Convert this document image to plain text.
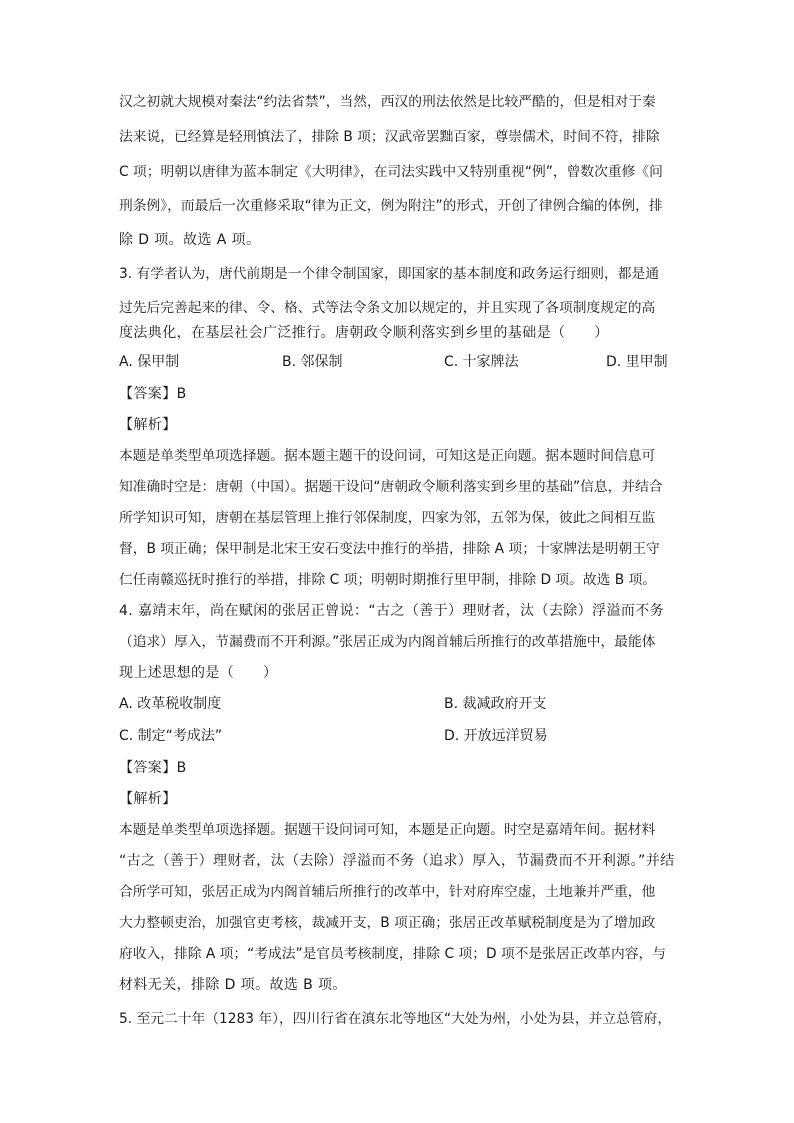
汉之初就大规模对秦法“约法省禁”，当然，西汉的刑法依然是比较严酷的，但是相对于秦
法来说，已经算是轻刑慎法了，排除 B 项；汉武帝罢黜百家，尊崇儒术，时间不符，排除
C 项；明朝以唐律为蓝本制定《大明律》，在司法实践中又特别重视“例”，曾数次重修《问
刑条例》，而最后一次重修采取“律为正文，例为附注”的形式，开创了律例合编的体例，排
除 D 项。故选 A 项。
3. 有学者认为，唐代前期是一个律令制国家，即国家的基本制度和政务运行细则，都是通
过先后完善起来的律、令、格、式等法令条文加以规定的，并且实现了各项制度规定的高
度法典化，在基层社会广泛推行。唐朝政令顺利落实到乡里的基础是（　　）
A. 保甲制	B. 邻保制	C. 十家牌法	D. 里甲制
【答案】B
【解析】
本题是单类型单项选择题。据本题主题干的设问词，可知这是正向题。据本题时间信息可
知准确时空是：唐朝（中国）。据题干设问“唐朝政令顺利落实到乡里的基础”信息，并结合
所学知识可知，唐朝在基层管理上推行邻保制度，四家为邻，五邻为保，彼此之间相互监
督，B 项正确；保甲制是北宋王安石变法中推行的举措，排除 A 项；十家牌法是明朝王守
仁任南赣巡抚时推行的举措，排除 C 项；明朝时期推行里甲制，排除 D 项。故选 B 项。
4. 嘉靖末年，尚在赋闲的张居正曾说：“古之（善于）理财者，汰（去除）浮溢而不务
（追求）厚入，节漏费而不开利源。”张居正成为内阁首辅后所推行的改革措施中，最能体
现上述思想的是（　　）
A. 改革税收制度	B. 裁减政府开支
C. 制定“考成法”	D. 开放远洋贸易
【答案】B
【解析】
本题是单类型单项选择题。据题干设问词可知，本题是正向题。时空是嘉靖年间。据材料
“古之（善于）理财者，汰（去除）浮溢而不务（追求）厚入，节漏费而不开利源。”并结
合所学可知，张居正成为内阁首辅后所推行的改革中，针对府库空虚，土地兼并严重，他
大力整顿吏治，加强官吏考核，裁减开支，B 项正确；张居正改革赋税制度是为了增加政
府收入，排除 A 项；“考成法”是官员考核制度，排除 C 项；D 项不是张居正改革内容，与
材料无关，排除 D 项。故选 B 项。
5. 至元二十年（1283 年），四川行省在滇东北等地区“大处为州，小处为县，并立总管府，
